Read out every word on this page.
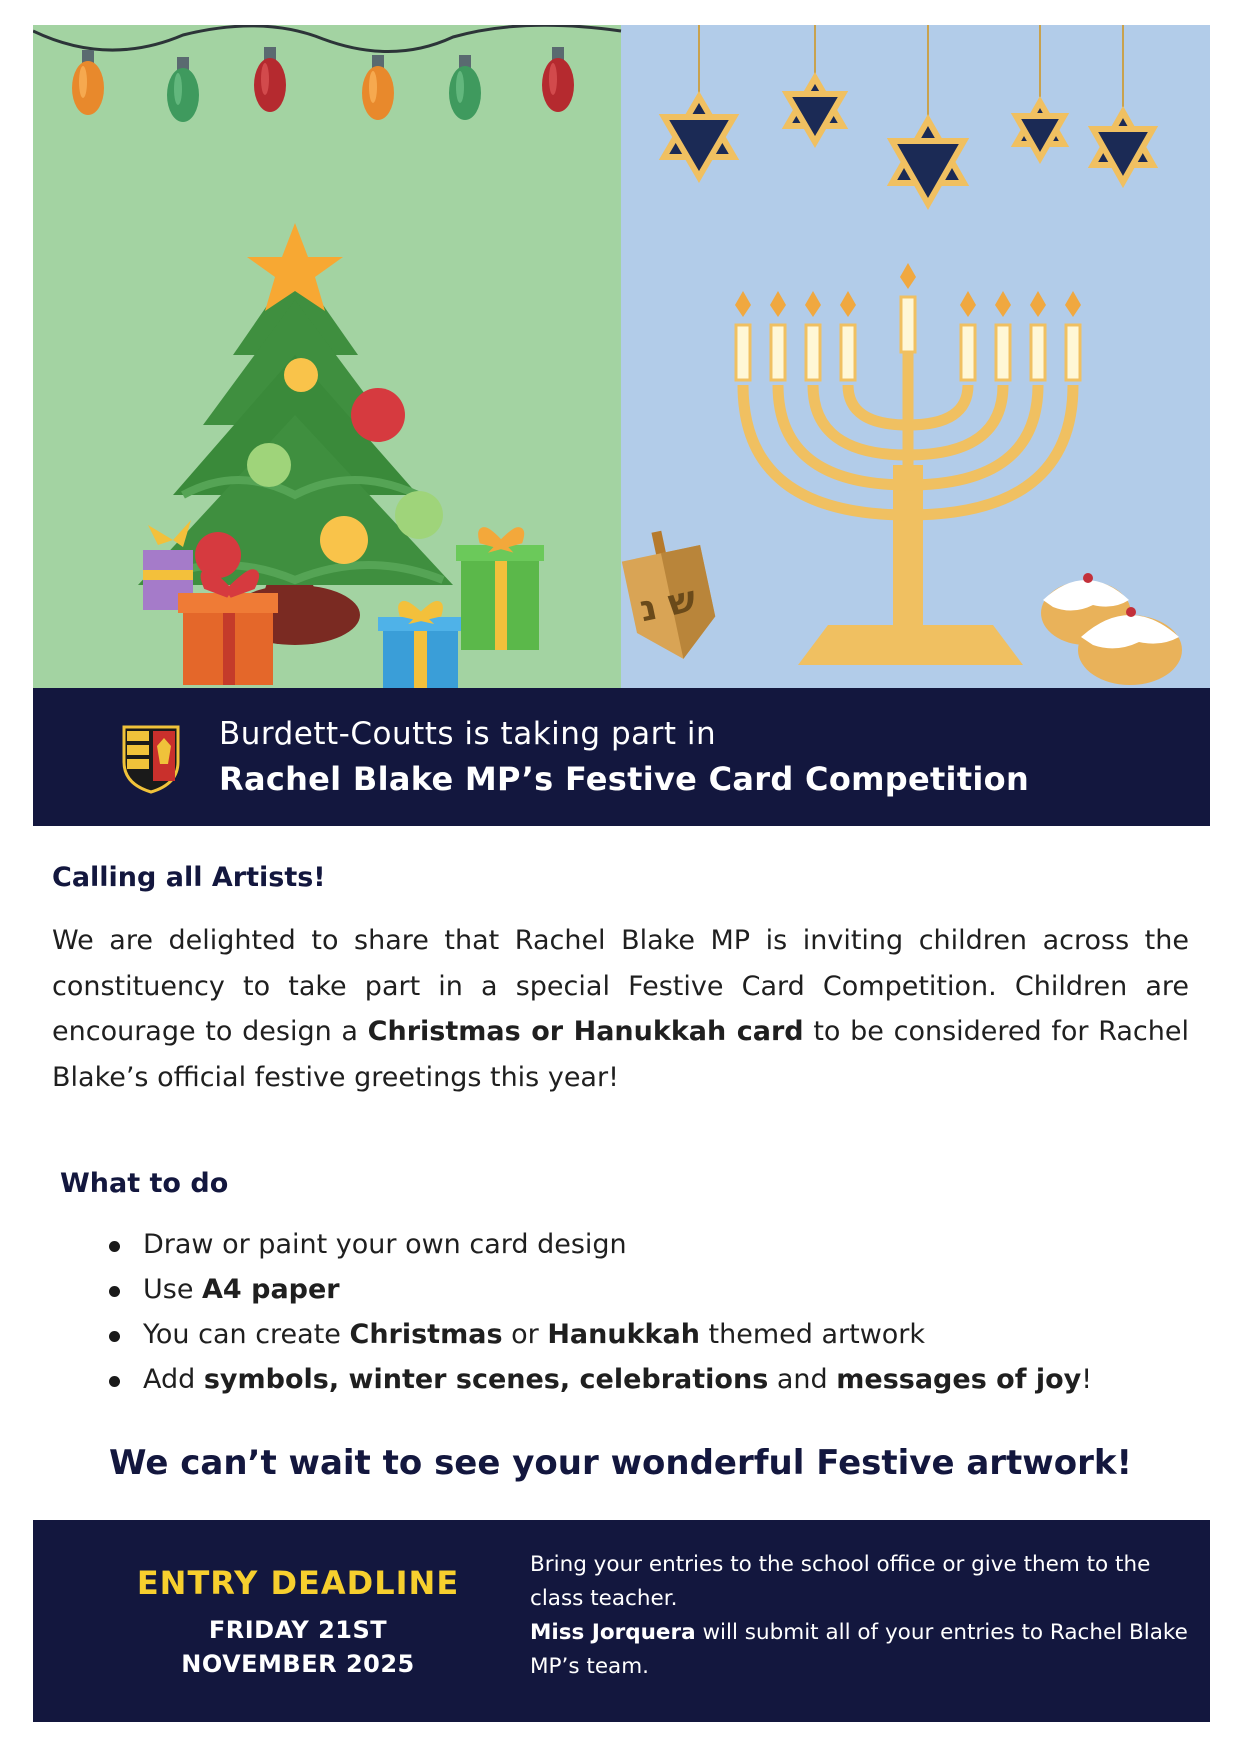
ש נ
Burdett-Coutts is taking part in
Rachel Blake MP’s Festive Card Competition
Calling all Artists!

We are delighted to share that Rachel Blake MP is inviting children across the constituency to take part in a special Festive Card Competition. Children are encourage to design a Christmas or Hanukkah card to be considered for Rachel Blake’s official festive greetings this year!

What to do
Draw or paint your own card design
Use A4 paper
You can create Christmas or Hanukkah themed artwork
Add symbols, winter scenes, celebrations and messages of joy!
We can’t wait to see your wonderful Festive artwork!
ENTRY DEADLINE
FRIDAY 21ST
NOVEMBER 2025

Bring your entries to the school office or give them to the class teacher.
Miss Jorquera will submit all of your entries to Rachel Blake MP’s team.
